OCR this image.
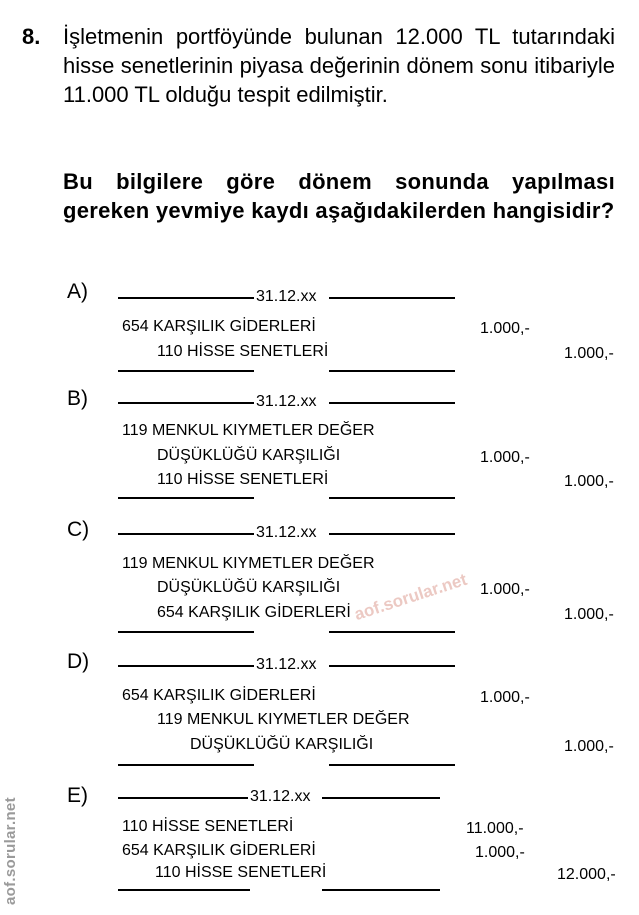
8. İşletmenin portföyünde bulunan 12.000 TL tutarındaki hisse senetlerinin piyasa değerinin dönem sonu itibariyle 11.000 TL olduğu tespit edilmiştir.
Bu bilgilere göre dönem sonunda yapılması gereken yevmiye kaydı aşağıdakilerden hangisidir?
A)	31.12.xx
654 KARŞILIK GİDERLERİ	1.000,-
110 HİSSE SENETLERİ	1.000,-
B)	31.12.xx
119 MENKUL KIYMETLER DEĞER
DÜŞÜKLÜĞÜ KARŞILIĞI	1.000,-
110 HİSSE SENETLERİ	1.000,-
C)	31.12.xx
119 MENKUL KIYMETLER DEĞER
DÜŞÜKLÜĞÜ KARŞILIĞI	1.000,-
654 KARŞILIK GİDERLERİ	1.000,-
D)	31.12.xx
654 KARŞILIK GİDERLERİ	1.000,-
119 MENKUL KIYMETLER DEĞER
DÜŞÜKLÜĞÜ KARŞILIĞI	1.000,-
E)	31.12.xx
110 HİSSE SENETLERİ	11.000,-
654 KARŞILIK GİDERLERİ	1.000,-
110 HİSSE SENETLERİ	12.000,-
aof.sorular.net
aof.sorular.net
